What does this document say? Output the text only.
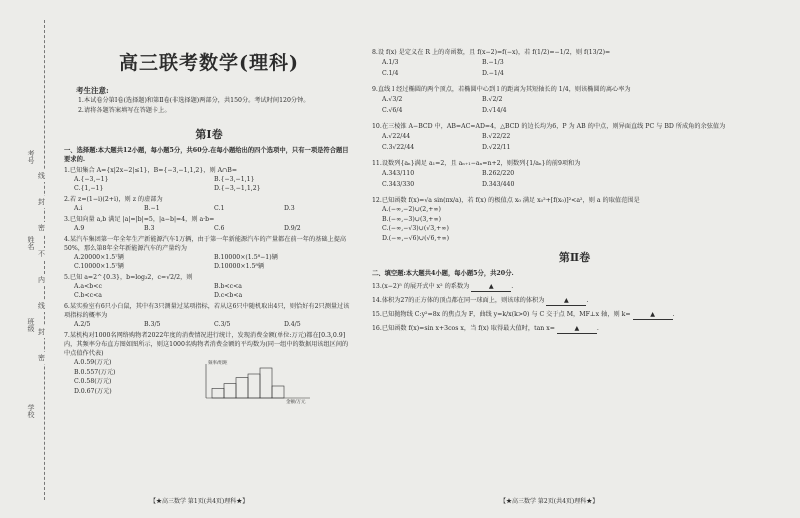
考号
姓名
班级
学校
线
封
密
不
内
线
封
密
高三联考数学(理科)
考生注意:
1.本试卷分第Ⅰ卷(选择题)和第Ⅱ卷(非选择题)两部分，共150分。考试时间120分钟。
2.请将各题答案填写在答题卡上。
第Ⅰ卷
一、选择题:本大题共12小题，每小题5分，共60分.在每小题给出的四个选项中，只有一项是符合题目要求的.
1.已知集合 A={x|2x−2|≤1}，B={−3,−1,1,2}，则 A∩B=
A.{−3,−1}	B.{−3,−1,1}
C.{1,−1}	D.{−3,−1,1,2}
2.若 z=(1−i)(2+i)，则 z 的虚部为
A.i	B.−1	C.1	D.3
3.已知向量 a,b 满足 |a|=|b|=5，|a−b|=4，则 a·b=
A.9	B.3	C.6	D.9/2
4.某汽车集团第一年全年生产新能源汽车1万辆，由于第一年新能源汽车的产量都在前一年的基础上提高50%，那么第8年全年新能源汽车的产量约为
A.20000×1.5⁷辆	B.10000×(1.5⁸−1)辆
C.10000×1.5⁷辆	D.10000×1.5⁸辆
5.已知 a=2^{0.3}，b=log₃2，c=√2/2，则
A.a<b<c	B.b<c<a
C.b<c<a	D.c<b<a
6.某实验室有6只小白鼠，其中有3只测量过某项指标，若从这6只中随机取出4只，则恰好有2只测量过该项指标的概率为
A.2/5	B.3/5	C.3/5	D.4/5
7.某机构对1000名网络购物者2022年度的消费情况进行统计，发现消费金额(单位:万元)都在[0.3,0.9]内，其频率分布直方图如图所示，则这1000名购物者消费金额的平均数为(同一组中的数据用该组区间的中点值作代表)
A.0.59(万元)
B.0.557(万元)
C.0.58(万元)
D.0.67(万元)
频率/组距
金额/万元
【★高三数学 第1页(共4页)理科★】
8.设 f(x) 是定义在 R 上的奇函数，且 f(x−2)=f(−x)，若 f(1/2)=−1/2，则 f(13/2)=
A.1/3	B.−1/3
C.1/4	D.−1/4
9.直线 l 经过椭圆的两个顶点，若椭圆中心到 l 的距离为其短轴长的 1/4，则该椭圆的离心率为
A.√3/2	B.√2/2
C.√6/4	D.√14/4
10.在三棱锥 A−BCD 中，AB=AC=AD=4，△BCD 的边长均为6，P 为 AB 的中点，则异面直线 PC 与 BD 所成角的余弦值为
A.√22/44	B.√22/22
C.3√22/44	D.√22/11
11.设数列{aₙ}满足 a₁=2，且 aₙ₊₁−aₙ=n+2，则数列{1/aₙ}的前9项和为
A.343/110	B.262/220
C.343/330	D.343/440
12.已知函数 f(x)=√a sin(πx/a)，若 f(x) 的极值点 x₀ 满足 x₀²+[f(x₀)]²<a²，则 a 的取值范围是
A.(−∞,−2)∪(2,+∞)
B.(−∞,−3)∪(3,+∞)
C.(−∞,−√3)∪(√3,+∞)
D.(−∞,−√6)∪(√6,+∞)
第Ⅱ卷
二、填空题:本大题共4小题，每小题5分，共20分.
13.(x−2)⁵ 的展开式中 x² 的系数为	▲	.
14.体积为27的正方体的顶点都在同一球面上，则该球的体积为	▲	.
15.已知抛物线 C:y²=8x 的焦点为 F，曲线 y=k/x(k>0) 与 C 交于点 M，MF⊥x 轴，则 k=	▲	.
16.已知函数 f(x)=sin x+3cos x，当 f(x) 取得最大值时，tan x=	▲	.
【★高三数学 第2页(共4页)理科★】
